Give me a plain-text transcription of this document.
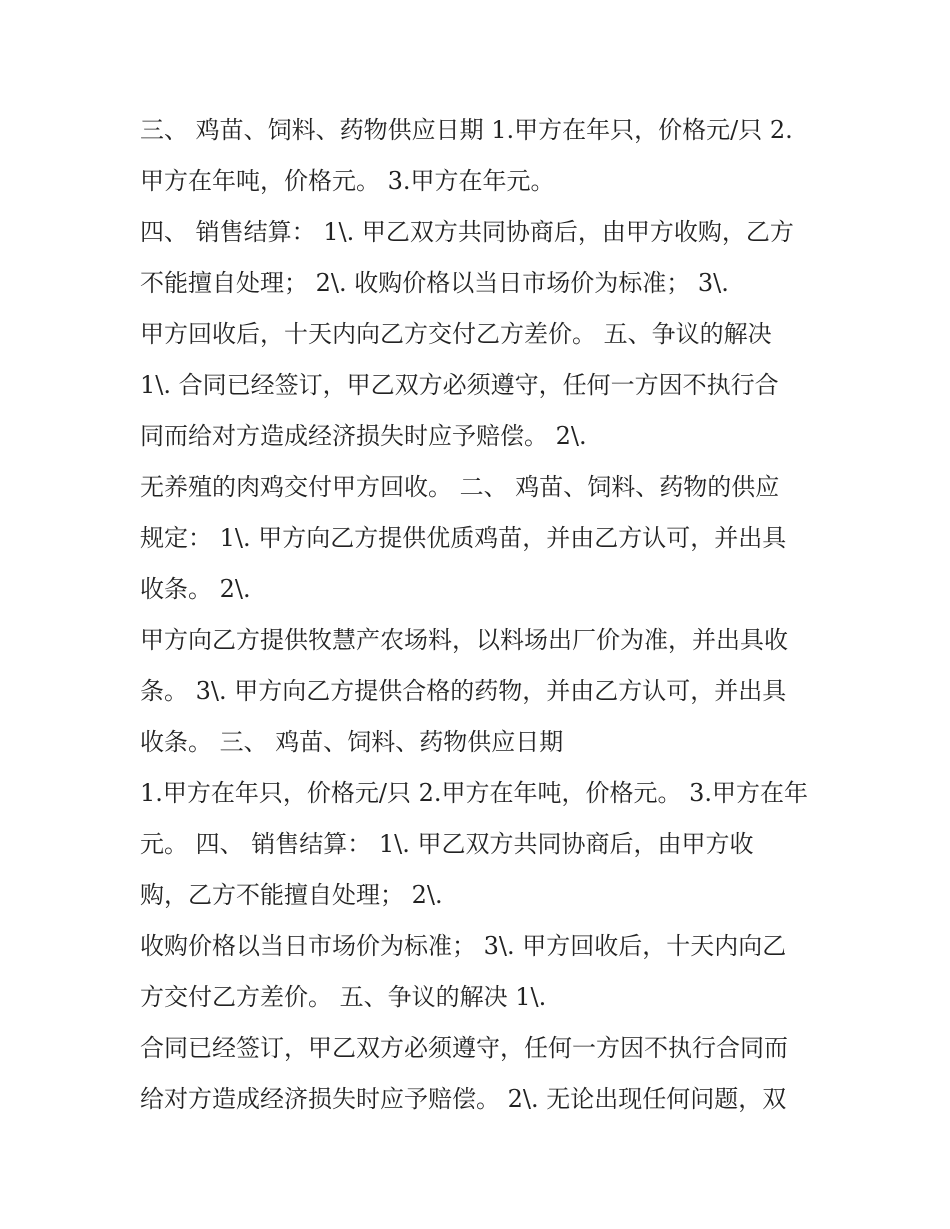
三、 鸡苗、饲料、药物供应日期 1.甲方在年只，价格元/只 2.
甲方在年吨，价格元。 3.甲方在年元。
四、 销售结算： 1\. 甲乙双方共同协商后，由甲方收购，乙方
不能擅自处理； 2\. 收购价格以当日市场价为标准； 3\.
甲方回收后，十天内向乙方交付乙方差价。 五、争议的解决
1\. 合同已经签订，甲乙双方必须遵守，任何一方因不执行合
同而给对方造成经济损失时应予赔偿。 2\.
无养殖的肉鸡交付甲方回收。 二、 鸡苗、饲料、药物的供应
规定： 1\. 甲方向乙方提供优质鸡苗，并由乙方认可，并出具
收条。 2\.
甲方向乙方提供牧慧产农场料，以料场出厂价为准，并出具收
条。 3\. 甲方向乙方提供合格的药物，并由乙方认可，并出具
收条。 三、 鸡苗、饲料、药物供应日期
1.甲方在年只，价格元/只 2.甲方在年吨，价格元。 3.甲方在年
元。 四、 销售结算： 1\. 甲乙双方共同协商后，由甲方收
购，乙方不能擅自处理； 2\.
收购价格以当日市场价为标准； 3\. 甲方回收后，十天内向乙
方交付乙方差价。 五、争议的解决 1\.
合同已经签订，甲乙双方必须遵守，任何一方因不执行合同而
给对方造成经济损失时应予赔偿。 2\. 无论出现任何问题，双
